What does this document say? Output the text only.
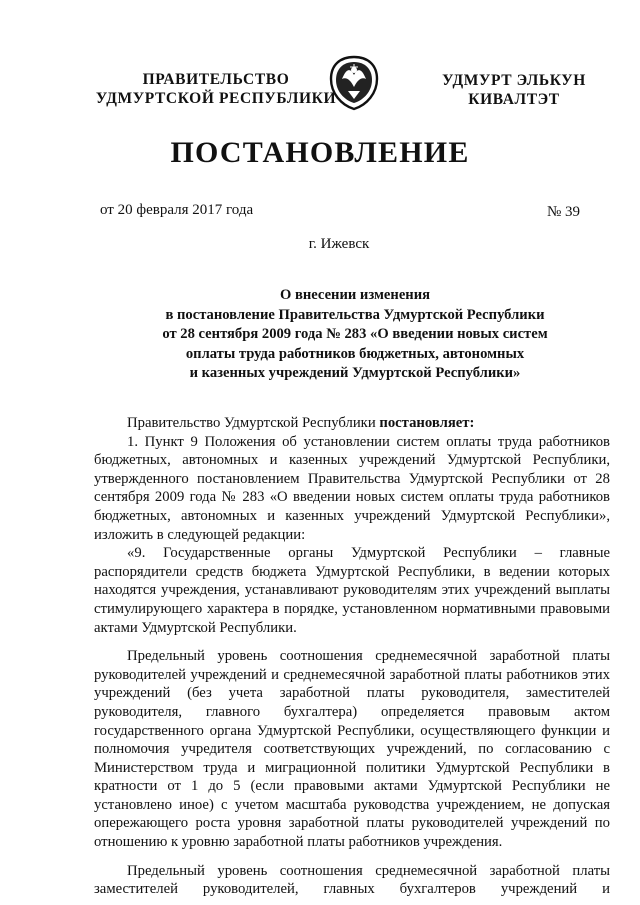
ПРАВИТЕЛЬСТВО
УДМУРТСКОЙ РЕСПУБЛИКИ
УДМУРТ ЭЛЬКУН
КИВАЛТЭТ
ПОСТАНОВЛЕНИЕ
от 20 февраля 2017 года	№ 39
г. Ижевск
О внесении изменения
в постановление Правительства Удмуртской Республики
от 28 сентября 2009 года № 283 «О введении новых систем
оплаты труда работников бюджетных, автономных
и казенных учреждений Удмуртской Республики»

Правительство Удмуртской Республики постановляет:

1. Пункт 9 Положения об установлении систем оплаты труда работников бюджетных, автономных и казенных учреждений Удмуртской Республики, утвержденного постановлением Правительства Удмуртской Республики от 28 сентября 2009 года № 283 «О введении новых систем оплаты труда работников бюджетных, автономных и казенных учреждений Удмуртской Республики», изложить в следующей редакции:

«9. Государственные органы Удмуртской Республики – главные распорядители средств бюджета Удмуртской Республики, в ведении которых находятся учреждения, устанавливают руководителям этих учреждений выплаты стимулирующего характера в порядке, установленном нормативными правовыми актами Удмуртской Республики.

Предельный уровень соотношения среднемесячной заработной платы руководителей учреждений и среднемесячной заработной платы работников этих учреждений (без учета заработной платы руководителя, заместителей руководителя, главного бухгалтера) определяется правовым актом государственного органа Удмуртской Республики, осуществляющего функции и полномочия учредителя соответствующих учреждений, по согласованию с Министерством труда и миграционной политики Удмуртской Республики в кратности от 1 до 5 (если правовыми актами Удмуртской Республики не установлено иное) с учетом масштаба руководства учреждением, не допуская опережающего роста уровня заработной платы руководителей учреждений по отношению к уровню заработной платы работников учреждения.

Предельный уровень соотношения среднемесячной заработной платы заместителей руководителей, главных бухгалтеров учреждений и
